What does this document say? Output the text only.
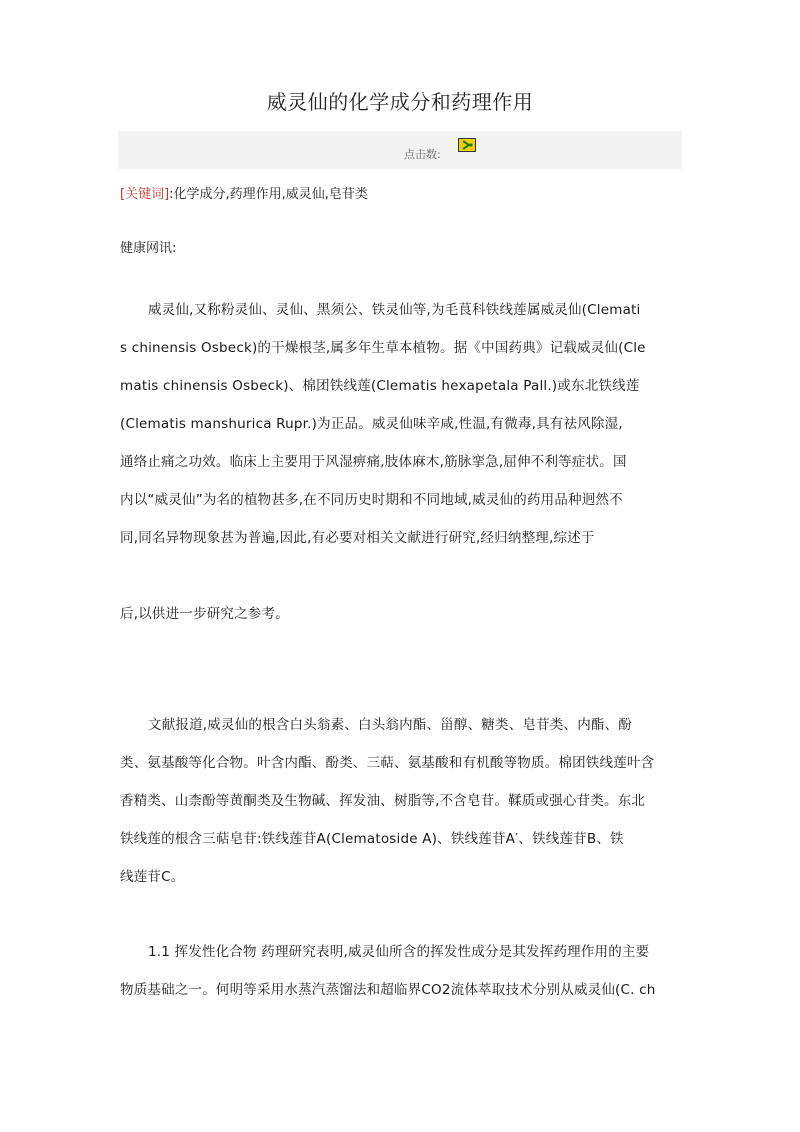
威灵仙的化学成分和药理作用
点击数:
[关键词]:化学成分,药理作用,威灵仙,皂苷类
健康网讯:
威灵仙,又称粉灵仙、灵仙、黑须公、铁灵仙等,为毛茛科铁线莲属威灵仙(Clemati
s chinensis Osbeck)的干燥根茎,属多年生草本植物。据《中国药典》记载威灵仙(Cle
matis chinensis Osbeck)、棉团铁线莲(Clematis hexapetala Pall.)或东北铁线莲
(Clematis manshurica Rupr.)为正品。威灵仙味辛咸,性温,有微毒,具有祛风除湿,
通络止痛之功效。临床上主要用于风湿痹痛,肢体麻木,筋脉挛急,屈伸不利等症状。国
内以“威灵仙”为名的植物甚多,在不同历史时期和不同地域,威灵仙的药用品种迥然不
同,同名异物现象甚为普遍,因此,有必要对相关文献进行研究,经归纳整理,综述于
后,以供进一步研究之参考。
文献报道,威灵仙的根含白头翁素、白头翁内酯、甾醇、糖类、皂苷类、内酯、酚
类、氨基酸等化合物。叶含内酯、酚类、三萜、氨基酸和有机酸等物质。棉团铁线莲叶含
香精类、山柰酚等黄酮类及生物碱、挥发油、树脂等,不含皂苷。鞣质或强心苷类。东北
铁线莲的根含三萜皂苷:铁线莲苷A(Clematoside A)、铁线莲苷A′、铁线莲苷B、铁
线莲苷C。
1.1 挥发性化合物 药理研究表明,威灵仙所含的挥发性成分是其发挥药理作用的主要
物质基础之一。何明等采用水蒸汽蒸馏法和超临界CO2流体萃取技术分别从威灵仙(C. ch
